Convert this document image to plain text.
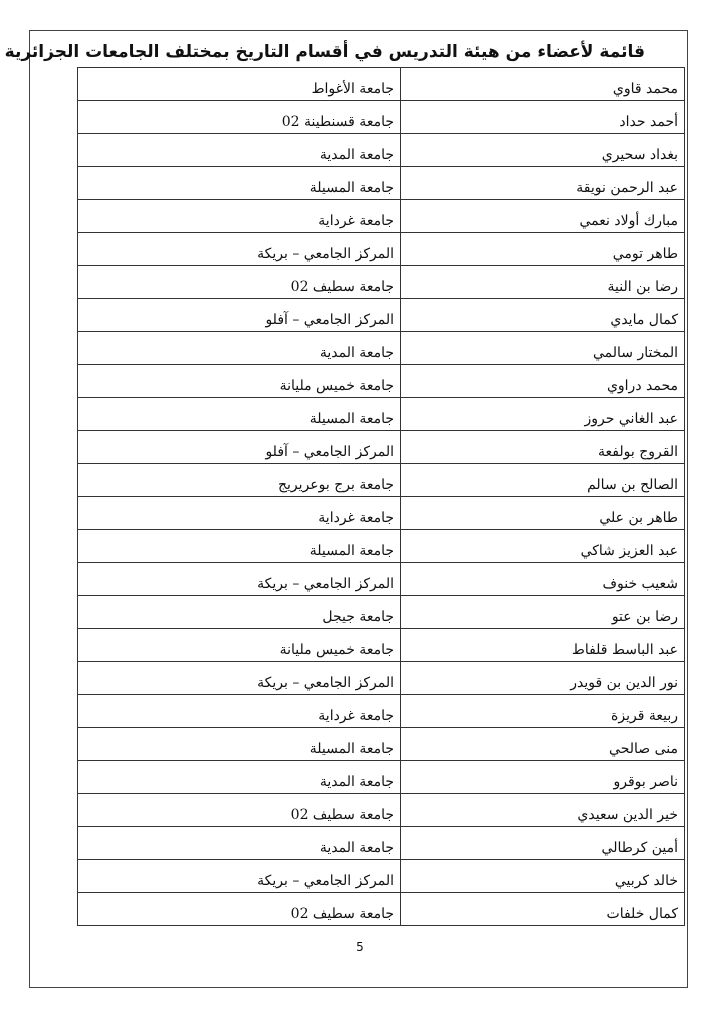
قائمة لأعضاء من هيئة التدريس في أقسام التاريخ بمختلف الجامعات الجزائرية
محمد قاوي	جامعة الأغواط
أحمد حداد	جامعة قسنطينة 02
بغداد سحيري	جامعة المدية
عبد الرحمن نويقة	جامعة المسيلة
مبارك أولاد نعمي	جامعة غرداية
طاهر تومي	المركز الجامعي – بريكة
رضا بن النية	جامعة سطيف 02
كمال مايدي	المركز الجامعي – آفلو
المختار سالمي	جامعة المدية
محمد دراوي	جامعة خميس مليانة
عبد الغاني حروز	جامعة المسيلة
القروج بولفعة	المركز الجامعي – آفلو
الصالح بن سالم	جامعة برج بوعريريج
طاهر بن علي	جامعة غرداية
عبد العزيز شاكي	جامعة المسيلة
شعيب خنوف	المركز الجامعي – بريكة
رضا بن عتو	جامعة جيجل
عبد الباسط قلفاط	جامعة خميس مليانة
نور الدين بن قويدر	المركز الجامعي – بريكة
ربيعة قريزة	جامعة غرداية
منى صالحي	جامعة المسيلة
ناصر بوقرو	جامعة المدية
خير الدين سعيدي	جامعة سطيف 02
أمين كرطالي	جامعة المدية
خالد كربيي	المركز الجامعي – بريكة
كمال خلفات	جامعة سطيف 02
5
